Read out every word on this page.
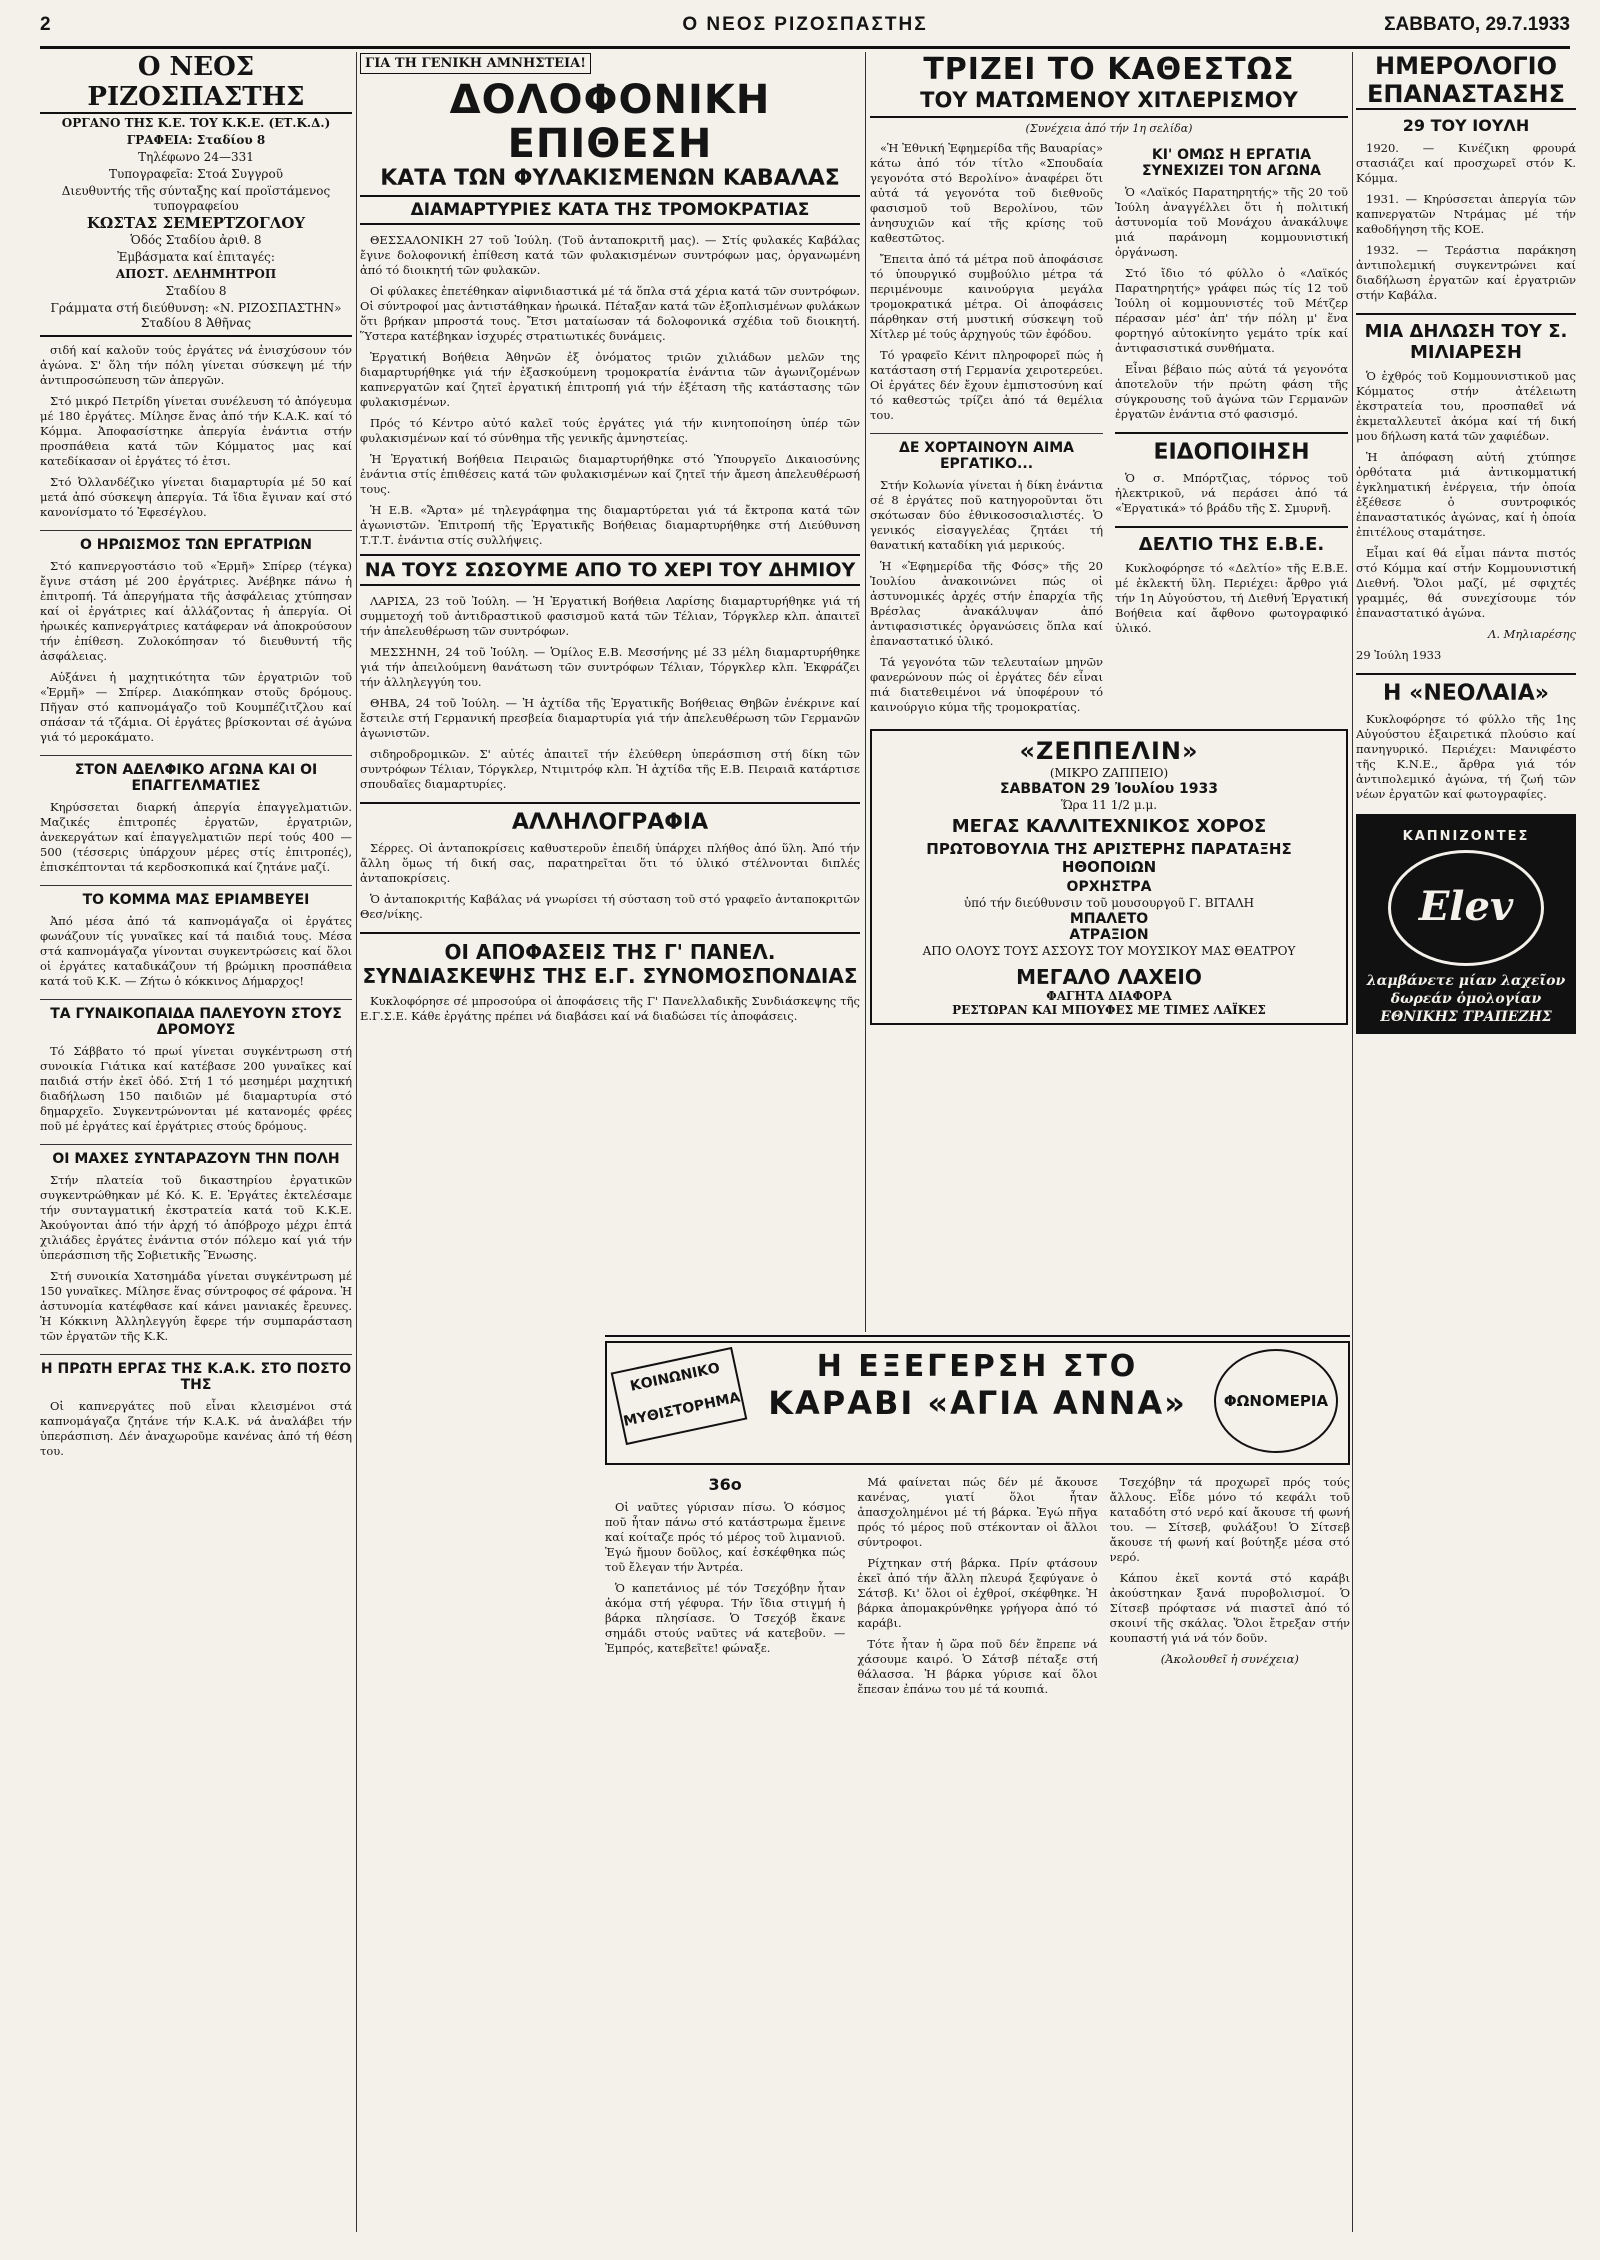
2	Ο ΝΕΟΣ ΡΙΖΟΣΠΑΣΤΗΣ	ΣΑΒΒΑΤΟ, 29.7.1933
Ο ΝΕΟΣ ΡΙΖΟΣΠΑΣΤΗΣ
ΟΡΓΑΝΟ ΤΗΣ Κ.Ε. ΤΟΥ Κ.Κ.Ε. (ΕΤ.Κ.Δ.)
ΓΡΑΦΕΙΑ: Σταδίου 8
Τηλέφωνο 24—331
Τυπογραφεῖα: Στοά Συγγροῦ
Διευθυντής τῆς σύνταξης καί προϊστάμενος τυπογραφείου
ΚΩΣΤΑΣ ΣΕΜΕΡΤΖΟΓΛΟΥ
Ὁδός Σταδίου ἀριθ. 8
Ἐμβάσματα καί ἐπιταγές:
ΑΠΟΣΤ. ΔΕΛΗΜΗΤΡΟΠ
Σταδίου 8
Γράμματα στή διεύθυνση: «Ν. ΡΙΖΟΣΠΑΣΤΗΝ» Σταδίου 8 Ἀθῆνας

σιδή καί καλοῦν τούς ἐργάτες νά ἐνισχύσουν τόν ἀγώνα. Σ' ὅλη τήν πόλη γίνεται σύσκεψη μέ τήν ἀντιπροσώπευση τῶν ἀπεργῶν.

Στό μικρό Πετρίδη γίνεται συνέλευση τό ἀπόγευμα μέ 180 ἐργάτες. Μίλησε ἕνας ἀπό τήν Κ.Α.Κ. καί τό Κόμμα. Ἀποφασίστηκε ἀπεργία ἐνάντια στήν προσπάθεια κατά τῶν Κόμματος μας καί κατεδίκασαν οἱ ἐργάτες τό ἐτσι.

Στό Ὀλλανδέζικο γίνεται διαμαρτυρία μέ 50 καί μετά ἀπό σύσκεψη ἀπεργία. Τά ἴδια ἔγιναν καί στό κανονίσματο τό Ἐφεσέγλου.

Ο ΗΡΩΙΣΜΟΣ ΤΩΝ ΕΡΓΑΤΡΙΩΝ

Στό καπνεργοστάσιο τοῦ «Ἑρμῆ» Σπίρερ (τέγκα) ἔγινε στάση μέ 200 ἐργάτριες. Ἀνέβηκε πάνω ἡ ἐπιτροπή. Τά ἀπεργήματα τῆς ἀσφάλειας χτύπησαν καί οἱ ἐργάτριες καί ἀλλάζοντας ἡ ἀπεργία. Οἱ ἡρωικές καπνεργάτριες κατάφεραν νά ἀποκρούσουν τήν ἐπίθεση. Ζυλοκόπησαν τό διευθυντή τῆς ἀσφάλειας.

Αὐξάνει ἡ μαχητικότητα τῶν ἐργατριῶν τοῦ «Ἑρμῆ» — Σπίρερ. Διακόπηκαν στοῦς δρόμους. Πῆγαν στό καπνομάγαζο τοῦ Κουμπέζιτζλου καί σπάσαν τά τζάμια. Οἱ ἐργάτες βρίσκονται σέ ἀγώνα γιά τό μεροκάματο.

ΣΤΟΝ ΑΔΕΛΦΙΚΟ ΑΓΩΝΑ ΚΑΙ ΟΙ ΕΠΑΓΓΕΛΜΑΤΙΕΣ

Κηρύσσεται διαρκή ἀπεργία ἐπαγγελματιῶν. Μαζικές ἐπιτροπές ἐργατῶν, ἐργατριῶν, ἀνεκεργάτων καί ἐπαγγελματιῶν περί τούς 400 —500 (τέσσερις ὑπάρχουν μέρες στίς ἐπιτροπές), ἐπισκέπτονται τά κερδοσκοπικά καί ζητάνε μαζί.

ΤΟ ΚΟΜΜΑ ΜΑΣ ΕΡΙΑΜΒΕΥΕΙ

Ἀπό μέσα ἀπό τά καπνομάγαζα οἱ ἐργάτες φωνάζουν τίς γυναῖκες καί τά παιδιά τους. Μέσα στά καπνομάγαζα γίνονται συγκεντρώσεις καί ὅλοι οἱ ἐργάτες καταδικάζουν τή βρώμικη προσπάθεια κατά τοῦ Κ.Κ. — Ζήτω ὁ κόκκινος Δήμαρχος!

ΤΑ ΓΥΝΑΙΚΟΠΑΙΔΑ ΠΑΛΕΥΟΥΝ ΣΤΟΥΣ ΔΡΟΜΟΥΣ

Τό Σάββατο τό πρωί γίνεται συγκέντρωση στή συνοικία Γιάτικα καί κατέβασε 200 γυναῖκες καί παιδιά στήν ἐκεῖ ὁδό. Στή 1 τό μεσημέρι μαχητική διαδήλωση 150 παιδιῶν μέ διαμαρτυρία στό δημαρχεῖο. Συγκεντρώνονται μέ κατανομές φρέες ποῦ μέ ἐργάτες καί ἐργάτριες στούς δρόμους.

ΟΙ ΜΑΧΕΣ ΣΥΝΤΑΡΑΖΟΥΝ ΤΗΝ ΠΟΛΗ

Στήν πλατεία τοῦ δικαστηρίου ἐργατικῶν συγκεντρώθηκαν μέ Κό. Κ. Ε. Ἐργάτες ἐκτελέσαμε τήν συνταγματική ἐκστρατεία κατά τοῦ Κ.Κ.Ε. Ἀκούγονται ἀπό τήν ἀρχή τό ἀπόβροχο μέχρι ἑπτά χιλιάδες ἐργάτες ἐνάντια στόν πόλεμο καί γιά τήν ὑπεράσπιση τῆς Σοβιετικῆς Ἕνωσης.

Στή συνοικία Χατσημάδα γίνεται συγκέντρωση μέ 150 γυναῖκες. Μίλησε ἕνας σύντροφος σέ φάρονα. Ἡ ἀστυνομία κατέφθασε καί κάνει μανιακές ἔρευνες. Ἡ Κόκκινη Ἀλληλεγγύη ἔφερε τήν συμπαράσταση τῶν ἐργατῶν τῆς Κ.Κ.

Η ΠΡΩΤΗ ΕΡΓΑΣ ΤΗΣ Κ.Α.Κ. ΣΤΟ ΠΟΣΤΟ ΤΗΣ

Οἱ καπνεργάτες ποῦ εἶναι κλεισμένοι στά καπνομάγαζα ζητάνε τήν Κ.Α.Κ. νά ἀναλάβει τήν ὑπεράσπιση. Δέν ἀναχωροῦμε κανένας ἀπό τή θέση του.

ΓΙΑ ΤΗ ΓΕΝΙΚΗ ΑΜΝΗΣΤΕΙΑ!
ΔΟΛΟΦΟΝΙΚΗ ΕΠΙΘΕΣΗ
ΚΑΤΑ ΤΩΝ ΦΥΛΑΚΙΣΜΕΝΩΝ ΚΑΒΑΛΑΣ
ΔΙΑΜΑΡΤΥΡΙΕΣ ΚΑΤΑ ΤΗΣ ΤΡΟΜΟΚΡΑΤΙΑΣ

ΘΕΣΣΑΛΟΝΙΚΗ 27 τοῦ Ἰούλη. (Τοῦ ἀνταποκριτῆ μας). — Στίς φυλακές Καβάλας ἔγινε δολοφονική ἐπίθεση κατά τῶν φυλακισμένων συντρόφων μας, ὀργανωμένη ἀπό τό διοικητή τῶν φυλακῶν.

Οἱ φύλακες ἐπετέθηκαν αἰφνιδιαστικά μέ τά ὅπλα στά χέρια κατά τῶν συντρόφων. Οἱ σύντροφοί μας ἀντιστάθηκαν ἡρωικά. Πέταξαν κατά τῶν ἐξοπλισμένων φυλάκων ὅτι βρήκαν μπροστά τους. Ἔτσι ματαίωσαν τά δολοφονικά σχέδια τοῦ διοικητή. Ὕστερα κατέβηκαν ἰσχυρές στρατιωτικές δυνάμεις.

Ἐργατική Βοήθεια Ἀθηνῶν ἐξ ὀνόματος τριῶν χιλιάδων μελῶν της διαμαρτυρήθηκε γιά τήν ἐξασκούμενη τρομοκρατία ἐνάντια τῶν ἀγωνιζομένων καπνεργατῶν καί ζητεῖ ἐργατική ἐπιτροπή γιά τήν ἐξέταση τῆς κατάστασης τῶν φυλακισμένων.

Πρός τό Κέντρο αὐτό καλεῖ τούς ἐργάτες γιά τήν κινητοποίηση ὑπέρ τῶν φυλακισμένων καί τό σύνθημα τῆς γενικῆς ἀμνηστείας.

Ἡ Ἐργατική Βοήθεια Πειραιῶς διαμαρτυρήθηκε στό Ὑπουργεῖο Δικαιοσύνης ἐνάντια στίς ἐπιθέσεις κατά τῶν φυλακισμένων καί ζητεῖ τήν ἄμεση ἀπελευθέρωσή τους.

Ἡ Ε.Β. «Ἄρτα» μέ τηλεγράφημα της διαμαρτύρεται γιά τά ἔκτροπα κατά τῶν ἀγωνιστῶν. Ἐπιτροπή τῆς Ἐργατικῆς Βοήθειας διαμαρτυρήθηκε στή Διεύθυνση Τ.Τ.Τ. ἐνάντια στίς συλλήψεις.

ΝΑ ΤΟΥΣ ΣΩΣΟΥΜΕ ΑΠΟ ΤΟ ΧΕΡΙ ΤΟΥ ΔΗΜΙΟΥ

ΛΑΡΙΣΑ, 23 τοῦ Ἰούλη. — Ἡ Ἐργατική Βοήθεια Λαρίσης διαμαρτυρήθηκε γιά τή συμμετοχή τοῦ ἀντιδραστικοῦ φασισμοῦ κατά τῶν Τέλιαν, Τόργκλερ κλπ. ἀπαιτεῖ τήν ἀπελευθέρωση τῶν συντρόφων.

ΜΕΣΣΗΝΗ, 24 τοῦ Ἰούλη. — Ὁμίλος Ε.Β. Μεσσήνης μέ 33 μέλη διαμαρτυρήθηκε γιά τήν ἀπειλούμενη θανάτωση τῶν συντρόφων Τέλιαν, Τόργκλερ κλπ. Ἐκφράζει τήν ἀλληλεγγύη του.

ΘΗΒΑ, 24 τοῦ Ἰούλη. — Ἡ ἀχτίδα τῆς Ἐργατικῆς Βοήθειας Θηβῶν ἐνέκρινε καί ἔστειλε στή Γερμανική πρεσβεία διαμαρτυρία γιά τήν ἀπελευθέρωση τῶν Γερμανῶν ἀγωνιστῶν.

σιδηροδρομικῶν. Σ' αὐτές ἀπαιτεῖ τήν ἐλεύθερη ὑπεράσπιση στή δίκη τῶν συντρόφων Τέλιαν, Τόργκλερ, Ντιμιτρόφ κλπ. Ἡ ἀχτίδα τῆς Ε.Β. Πειραιᾶ κατάρτισε σπουδαῖες διαμαρτυρίες.

ΑΛΛΗΛΟΓΡΑΦΙΑ

Σέρρες. Οἱ ἀνταποκρίσεις καθυστεροῦν ἐπειδή ὑπάρχει πλήθος ἀπό ὕλη. Ἀπό τήν ἄλλη ὅμως τή δική σας, παρατηρεῖται ὅτι τό ὑλικό στέλνονται διπλές ἀνταποκρίσεις.

Ὁ ἀνταποκριτής Καβάλας νά γνωρίσει τή σύσταση τοῦ στό γραφεῖο ἀνταποκριτῶν Θεσ/νίκης.

ΟΙ ΑΠΟΦΑΣΕΙΣ ΤΗΣ Γ' ΠΑΝΕΛ. ΣΥΝΔΙΑΣΚΕΨΗΣ ΤΗΣ Ε.Γ. ΣΥΝΟΜΟΣΠΟΝΔΙΑΣ

Κυκλοφόρησε σέ μπροσούρα οἱ ἀποφάσεις τῆς Γ' Πανελλαδικῆς Συνδιάσκεψης τῆς Ε.Γ.Σ.Ε. Κάθε ἐργάτης πρέπει νά διαβάσει καί νά διαδώσει τίς ἀποφάσεις.

ΤΡΙΖΕΙ ΤΟ ΚΑΘΕΣΤΩΣ
ΤΟΥ ΜΑΤΩΜΕΝΟΥ ΧΙΤΛΕΡΙΣΜΟΥ
(Συνέχεια ἀπό τήν 1η σελίδα)

«Ἡ Ἐθνική Ἐφημερίδα τῆς Βαυαρίας» κάτω ἀπό τόν τίτλο «Σπουδαία γεγονότα στό Βερολίνο» ἀναφέρει ὅτι αὐτά τά γεγονότα τοῦ διεθνοῦς φασισμοῦ τοῦ Βερολίνου, τῶν ἀνησυχιῶν καί τῆς κρίσης τοῦ καθεστῶτος.

Ἔπειτα ἀπό τά μέτρα ποῦ ἀποφάσισε τό ὑπουργικό συμβούλιο μέτρα τά περιμένουμε καινούργια μεγάλα τρομοκρατικά μέτρα. Οἱ ἀποφάσεις πάρθηκαν στή μυστική σύσκεψη τοῦ Χίτλερ μέ τούς ἀρχηγούς τῶν ἐφόδου.

Τό γραφεῖο Κένιτ πληροφορεῖ πώς ἡ κατάσταση στή Γερμανία χειροτερεύει. Οἱ ἐργάτες δέν ἔχουν ἐμπιστοσύνη καί τό καθεστώς τρίζει ἀπό τά θεμέλια του.

ΔΕ ΧΟΡΤΑΙΝΟΥΝ ΑΙΜΑ ΕΡΓΑΤΙΚΟ...

Στήν Κολωνία γίνεται ἡ δίκη ἐνάντια σέ 8 ἐργάτες ποῦ κατηγοροῦνται ὅτι σκότωσαν δύο ἐθνικοσοσιαλιστές. Ὁ γενικός εἰσαγγελέας ζητάει τή θανατική καταδίκη γιά μερικούς.

Ἡ «Ἐφημερίδα τῆς Φόσς» τῆς 20 Ἰουλίου ἀνακοινώνει πώς οἱ ἀστυνομικές ἀρχές στήν ἐπαρχία τῆς Βρέσλας ἀνακάλυψαν ἀπό ἀντιφασιστικές ὀργανώσεις ὅπλα καί ἐπαναστατικό ὑλικό.

Τά γεγονότα τῶν τελευταίων μηνῶν φανερώνουν πώς οἱ ἐργάτες δέν εἶναι πιά διατεθειμένοι νά ὑποφέρουν τό καινούργιο κύμα τῆς τρομοκρατίας.

ΚΙ' ΟΜΩΣ Η ΕΡΓΑΤΙΑ ΣΥΝΕΧΙΖΕΙ ΤΟΝ ΑΓΩΝΑ

Ὁ «Λαϊκός Παρατηρητής» τῆς 20 τοῦ Ἰούλη ἀναγγέλλει ὅτι ἡ πολιτική ἀστυνομία τοῦ Μονάχου ἀνακάλυψε μιά παράνομη κομμουνιστική ὀργάνωση.

Στό ἴδιο τό φύλλο ὁ «Λαϊκός Παρατηρητής» γράφει πώς τίς 12 τοῦ Ἰούλη οἱ κομμουνιστές τοῦ Μέτζερ πέρασαν μέσ' ἀπ' τήν πόλη μ' ἕνα φορτηγό αὐτοκίνητο γεμάτο τρίκ καί ἀντιφασιστικά συνθήματα.

Εἶναι βέβαιο πώς αὐτά τά γεγονότα ἀποτελοῦν τήν πρώτη φάση τῆς σύγκρουσης τοῦ ἀγώνα τῶν Γερμανῶν ἐργατῶν ἐνάντια στό φασισμό.

ΕΙΔΟΠΟΙΗΣΗ

Ὁ σ. Μπόρτζιας, τόρνος τοῦ ἠλεκτρικοῦ, νά περάσει ἀπό τά «Ἐργατικά» τό βράδυ τῆς Σ. Σμυρνῆ.

ΔΕΛΤΙΟ ΤΗΣ Ε.Β.Ε.

Κυκλοφόρησε τό «Δελτίο» τῆς Ε.Β.Ε. μέ ἐκλεκτή ὕλη. Περιέχει: ἄρθρο γιά τήν 1η Αὐγούστου, τή Διεθνή Ἐργατική Βοήθεια καί ἄφθονο φωτογραφικό ὑλικό.

«ΖΕΠΠΕΛΙΝ»
(ΜΙΚΡΟ ΖΑΠΠΕΙΟ)
ΣΑΒΒΑΤΟΝ 29 Ἰουλίου 1933
Ὥρα 11 1/2 μ.μ.
ΜΕΓΑΣ ΚΑΛΛΙΤΕΧΝΙΚΟΣ ΧΟΡΟΣ
ΠΡΩΤΟΒΟΥΛΙΑ ΤΗΣ ΑΡΙΣΤΕΡΗΣ ΠΑΡΑΤΑΞΗΣ ΗΘΟΠΟΙΩΝ
ΟΡΧΗΣΤΡΑ
ὑπό τήν διεύθυνσιν τοῦ μουσουργοῦ Γ. ΒΙΤΑΛΗ
ΜΠΑΛΕΤΟ
ΑΤΡΑΞΙΟΝ
ΑΠΟ ΟΛΟΥΣ ΤΟΥΣ ΑΣΣΟΥΣ ΤΟΥ ΜΟΥΣΙΚΟΥ ΜΑΣ ΘΕΑΤΡΟΥ
ΜΕΓΑΛΟ ΛΑΧΕΙΟ
ΦΑΓΗΤΑ ΔΙΑΦΟΡΑ
ΡΕΣΤΩΡΑΝ ΚΑΙ ΜΠΟΥΦΕΣ ΜΕ ΤΙΜΕΣ ΛΑΪΚΕΣ
ΗΜΕΡΟΛΟΓΙΟ ΕΠΑΝΑΣΤΑΣΗΣ
29 ΤΟΥ ΙΟΥΛΗ

1920. — Κινέζικη φρουρά στασιάζει καί προσχωρεῖ στόν Κ. Κόμμα.

1931. — Κηρύσσεται ἀπεργία τῶν καπνεργατῶν Ντράμας μέ τήν καθοδήγηση τῆς ΚΟΕ.

1932. — Τεράστια παράκηση ἀντιπολεμική συγκεντρώνει καί διαδήλωση ἐργατῶν καί ἐργατριῶν στήν Καβάλα.

ΜΙΑ ΔΗΛΩΣΗ ΤΟΥ Σ. ΜΙΛΙΑΡΕΣΗ

Ὁ ἐχθρός τοῦ Κομμουνιστικοῦ μας Κόμματος στήν ἀτέλειωτη ἐκστρατεία του, προσπαθεῖ νά ἐκμεταλλευτεῖ ἀκόμα καί τή δική μου δήλωση κατά τῶν χαφιέδων.

Ἡ ἀπόφαση αὐτή χτύπησε ὀρθότατα μιά ἀντικομματική ἐγκληματική ἐνέργεια, τήν ὁποία ἐξέθεσε ὁ συντροφικός ἐπαναστατικός ἀγώνας, καί ἡ ὁποία ἐπιτέλους σταμάτησε.

Εἶμαι καί θά εἶμαι πάντα πιστός στό Κόμμα καί στήν Κομμουνιστική Διεθνή. Ὅλοι μαζί, μέ σφιχτές γραμμές, θά συνεχίσουμε τόν ἐπαναστατικό ἀγώνα.

Λ. Μηλιαρέσης

29 Ἰούλη 1933

Η «ΝΕΟΛΑΙΑ»

Κυκλοφόρησε τό φύλλο τῆς 1ης Αὐγούστου ἐξαιρετικά πλούσιο καί πανηγυρικό. Περιέχει: Μανιφέστο τῆς Κ.Ν.Ε., ἄρθρα γιά τόν ἀντιπολεμικό ἀγώνα, τή ζωή τῶν νέων ἐργατῶν καί φωτογραφίες.

ΚΑΠΝΙΖΟΝΤΕΣ
Elev
λαμβάνετε μίαν λαχεῖον δωρεάν ὁμολογίαν ΕΘΝΙΚΗΣ ΤΡΑΠΕΖΗΣ
ΚΟΙΝΩΝΙΚΟ ΜΥΘΙΣΤΟΡΗΜΑ
Η ΕΞΕΓΕΡΣΗ ΣΤΟ
ΚΑΡΑΒΙ «ΑΓΙΑ ΑΝΝΑ»	ΦΩΝΟΜΕΡΙΑ
36ο

Οἱ ναῦτες γύρισαν πίσω. Ὁ κόσμος ποῦ ἦταν πάνω στό κατάστρωμα ἔμεινε καί κοίταζε πρός τό μέρος τοῦ λιμανιοῦ. Ἐγώ ἤμουν δοῦλος, καί ἐσκέφθηκα πώς τοῦ ἔλεγαν τήν Ἀντρέα.

Ὁ καπετάνιος μέ τόν Τσεχόβην ἦταν ἀκόμα στή γέφυρα. Τήν ἴδια στιγμή ἡ βάρκα πλησίασε. Ὁ Τσεχόβ ἔκανε σημάδι στούς ναῦτες νά κατεβοῦν. — Ἐμπρός, κατεβεῖτε! φώναξε.

Μά φαίνεται πώς δέν μέ ἄκουσε κανένας, γιατί ὅλοι ἦταν ἀπασχολημένοι μέ τή βάρκα. Ἐγώ πῆγα πρός τό μέρος ποῦ στέκονταν οἱ ἄλλοι σύντροφοι.

Ρίχτηκαν στή βάρκα. Πρίν φτάσουν ἐκεῖ ἀπό τήν ἄλλη πλευρά ξεφύγανε ὁ Σάτσβ. Κι' ὅλοι οἱ ἐχθροί, σκέφθηκε. Ἡ βάρκα ἀπομακρύνθηκε γρήγορα ἀπό τό καράβι.

Τότε ἦταν ἡ ὥρα ποῦ δέν ἔπρεπε νά χάσουμε καιρό. Ὁ Σάτσβ πέταξε στή θάλασσα. Ἡ βάρκα γύρισε καί ὅλοι ἔπεσαν ἐπάνω του μέ τά κουπιά.

Τσεχόβην τά προχωρεῖ πρός τούς ἄλλους. Εἶδε μόνο τό κεφάλι τοῦ καταδότη στό νερό καί ἄκουσε τή φωνή του. — Σίτσεβ, φυλάξου! Ὁ Σίτσεβ ἄκουσε τή φωνή καί βούτηξε μέσα στό νερό.

Κάπου ἐκεῖ κοντά στό καράβι ἀκούστηκαν ξανά πυροβολισμοί. Ὁ Σίτσεβ πρόφτασε νά πιαστεῖ ἀπό τό σκοινί τῆς σκάλας. Ὅλοι ἔτρεξαν στήν κουπαστή γιά νά τόν δοῦν.

(Ἀκολουθεῖ ἡ συνέχεια)
